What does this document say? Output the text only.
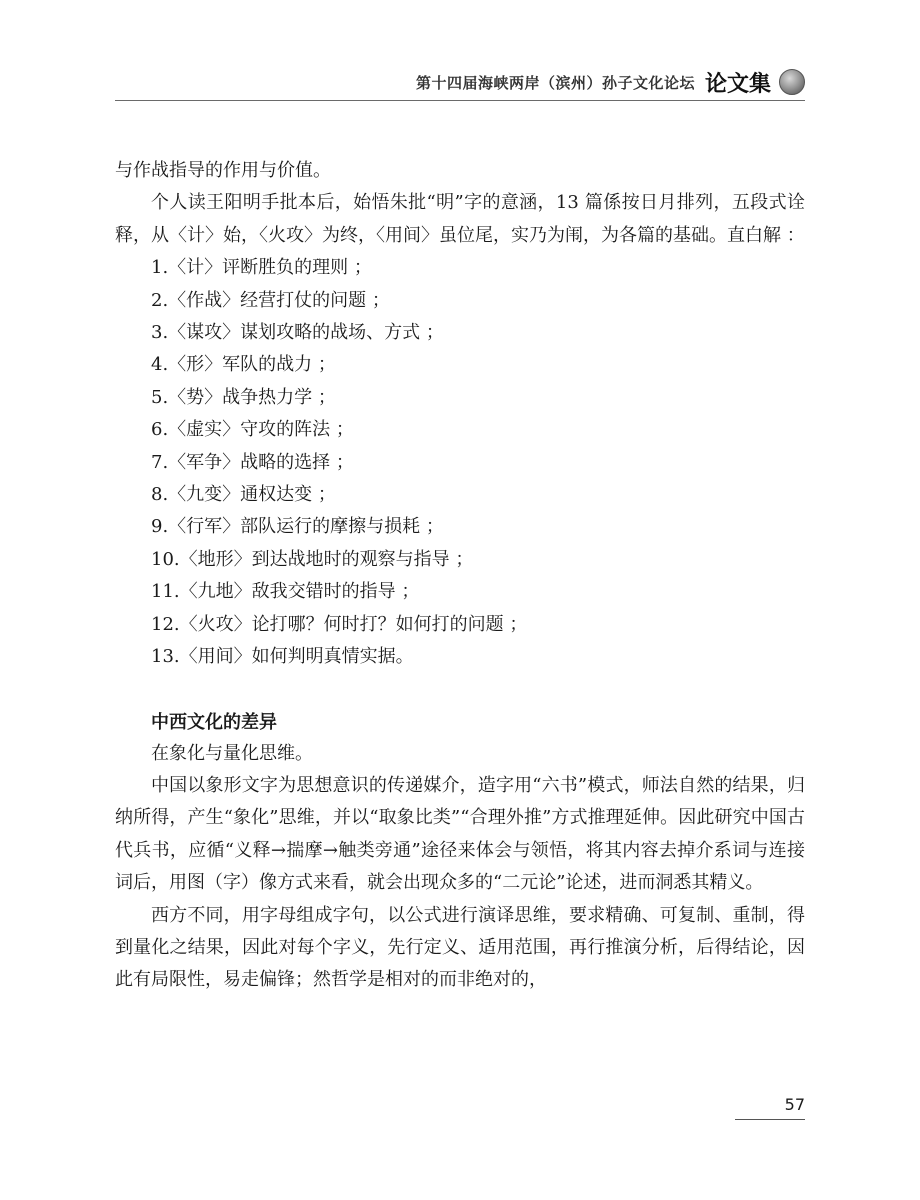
第十四届海峡两岸（滨州）孙子文化论坛 论文集

与作战指导的作用与价值。

个人读王阳明手批本后，始悟朱批“明”字的意涵，13 篇係按日月排列，五段式诠释，从〈计〉始，〈火攻〉为终，〈用间〉虽位尾，实乃为闱，为各篇的基础。直白解 ：

1.〈计〉评断胜负的理则 ；
2.〈作战〉经营打仗的问题 ；
3.〈谋攻〉谋划攻略的战场、方式 ；
4.〈形〉军队的战力 ；
5.〈势〉战争热力学 ；
6.〈虚实〉守攻的阵法 ；
7.〈军争〉战略的选择 ；
8.〈九变〉通权达变 ；
9.〈行军〉部队运行的摩擦与损耗 ；
10.〈地形〉到达战地时的观察与指导 ；
11.〈九地〉敌我交错时的指导 ；
12.〈火攻〉论打哪？何时打？如何打的问题 ；
13.〈用间〉如何判明真情实据。
中西文化的差异

在象化与量化思维。

中国以象形文字为思想意识的传递媒介，造字用“六书”模式，师法自然的结果，归纳所得，产生“象化”思维，并以“取象比类”“合理外推”方式推理延伸。因此研究中国古代兵书，应循“义释→揣摩→触类旁通”途径来体会与领悟，将其内容去掉介系词与连接词后，用图（字）像方式来看，就会出现众多的“二元论”论述，进而洞悉其精义。

西方不同，用字母组成字句，以公式进行演译思维，要求精确、可复制、重制，得到量化之结果，因此对每个字义，先行定义、适用范围，再行推演分析，后得结论，因此有局限性，易走偏锋；然哲学是相对的而非绝对的，

57
